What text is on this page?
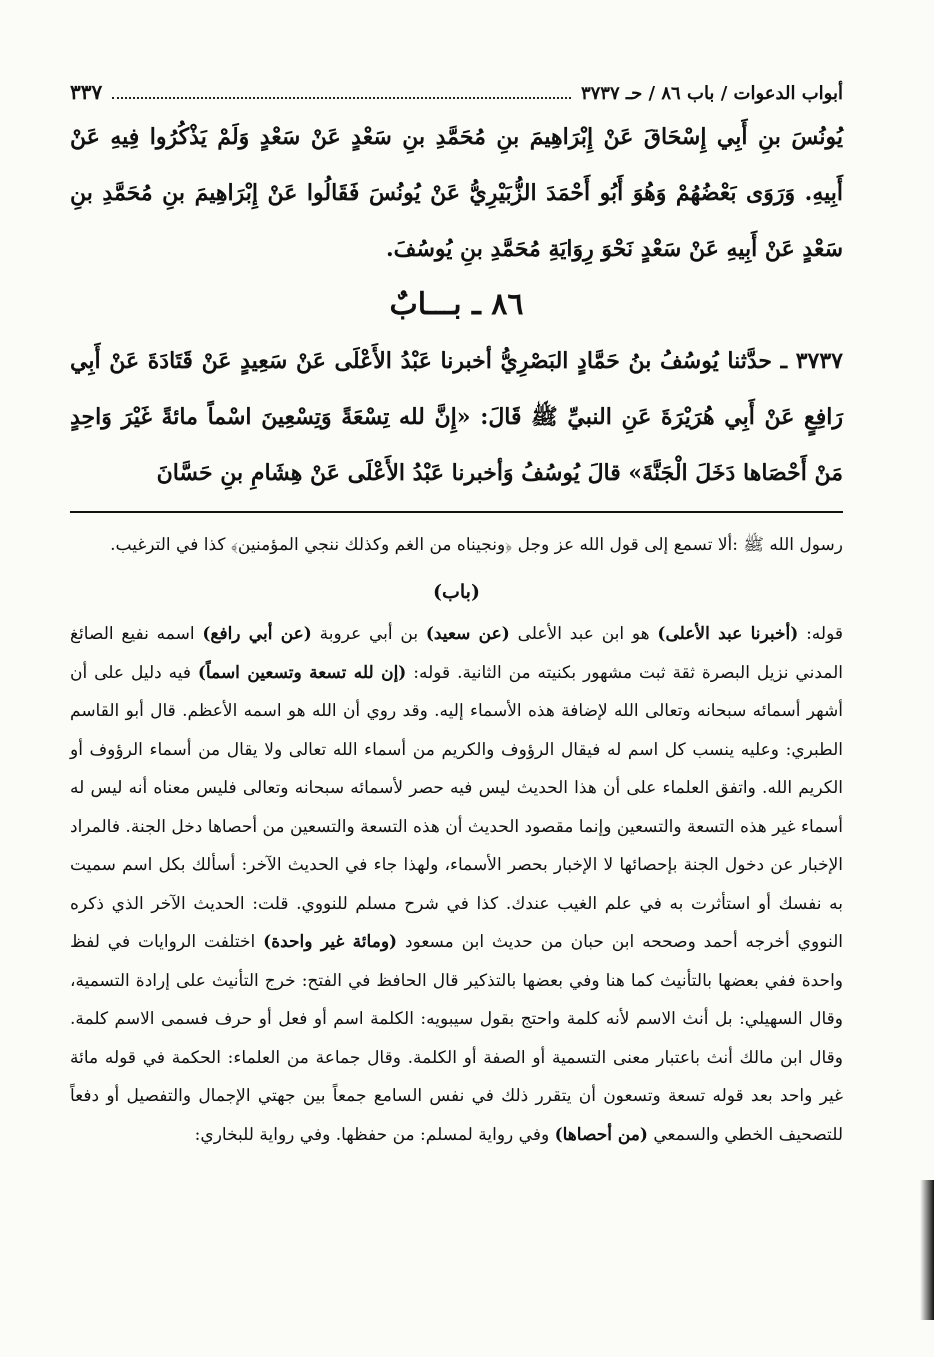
أبواب الدعوات / باب ٨٦ / حـ ٣٧٣٧
٣٣٧

يُونُسَ بنِ أَبِي إِسْحَاقَ عَنْ إِبْرَاهِيمَ بنِ مُحَمَّدِ بنِ سَعْدٍ عَنْ سَعْدٍ وَلَمْ يَذْكُرُوا فِيهِ عَنْ أَبِيهِ. وَرَوَى بَعْضُهُمْ وَهُوَ أَبُو أَحْمَدَ الزُّبَيْرِيُّ عَنْ يُونُسَ فَقَالُوا عَنْ إِبْرَاهِيمَ بنِ مُحَمَّدِ بنِ سَعْدٍ عَنْ أَبِيهِ عَنْ سَعْدٍ نَحْوَ رِوَايَةِ مُحَمَّدِ بنِ يُوسُفَ.

٨٦ ـ بـــابٌ

٣٧٣٧ ـ حدَّثنا يُوسُفُ بنُ حَمَّادٍ البَصْرِيُّ أخبرنا عَبْدُ الأَعْلَى عَنْ سَعِيدٍ عَنْ قَتَادَةَ عَنْ أَبِي رَافِعٍ عَنْ أَبِي هُرَيْرَةَ عَنِ النبيِّ ﷺ قَالَ: «إِنَّ لله تِسْعَةً وَتِسْعِينَ اسْماً مائةً غَيْرَ وَاحِدٍ مَنْ أَحْصَاها دَخَلَ الْجَنَّةَ» قالَ يُوسُفُ وَأخبرنا عَبْدُ الأَعْلَى عَنْ هِشَامِ بنِ حَسَّانَ

رسول الله ﷺ :ألا تسمع إلى قول الله عز وجل ﴿ونجيناه من الغم وكذلك ننجي المؤمنين﴾ كذا في الترغيب.

(باب)

قوله: (أخبرنا عبد الأعلى) هو ابن عبد الأعلى (عن سعيد) بن أبي عروبة (عن أبي رافع) اسمه نفيع الصائغ المدني نزيل البصرة ثقة ثبت مشهور بكنيته من الثانية. قوله: (إن لله تسعة وتسعين اسماً) فيه دليل على أن أشهر أسمائه سبحانه وتعالى الله لإضافة هذه الأسماء إليه. وقد روي أن الله هو اسمه الأعظم. قال أبو القاسم الطبري: وعليه ينسب كل اسم له فيقال الرؤوف والكريم من أسماء الله تعالى ولا يقال من أسماء الرؤوف أو الكريم الله. واتفق العلماء على أن هذا الحديث ليس فيه حصر لأسمائه سبحانه وتعالى فليس معناه أنه ليس له أسماء غير هذه التسعة والتسعين وإنما مقصود الحديث أن هذه التسعة والتسعين من أحصاها دخل الجنة. فالمراد الإخبار عن دخول الجنة بإحصائها لا الإخبار بحصر الأسماء، ولهذا جاء في الحديث الآخر: أسألك بكل اسم سميت به نفسك أو استأثرت به في علم الغيب عندك. كذا في شرح مسلم للنووي. قلت: الحديث الآخر الذي ذكره النووي أخرجه أحمد وصححه ابن حبان من حديث ابن مسعود (ومائة غير واحدة) اختلفت الروايات في لفظ واحدة ففي بعضها بالتأنيث كما هنا وفي بعضها بالتذكير قال الحافظ في الفتح: خرج التأنيث على إرادة التسمية، وقال السهيلي: بل أنث الاسم لأنه كلمة واحتج بقول سيبويه: الكلمة اسم أو فعل أو حرف فسمى الاسم كلمة. وقال ابن مالك أنث باعتبار معنى التسمية أو الصفة أو الكلمة. وقال جماعة من العلماء: الحكمة في قوله مائة غير واحد بعد قوله تسعة وتسعون أن يتقرر ذلك في نفس السامع جمعاً بين جهتي الإجمال والتفصيل أو دفعاً للتصحيف الخطي والسمعي (من أحصاها) وفي رواية لمسلم: من حفظها. وفي رواية للبخاري:
